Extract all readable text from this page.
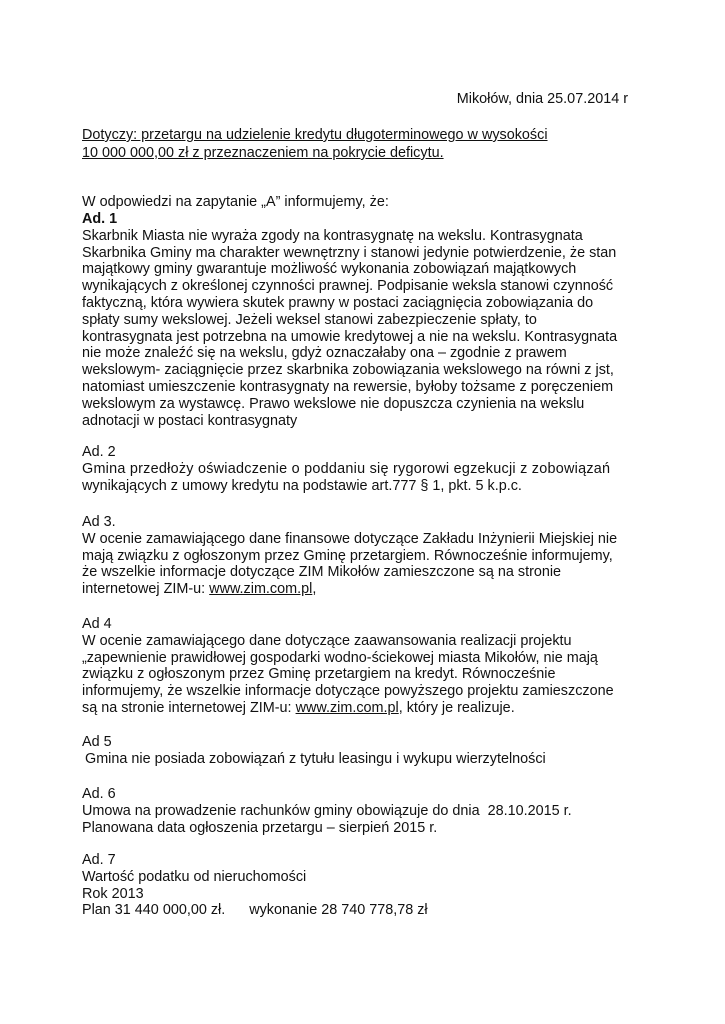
Mikołów, dnia 25.07.2014 r
Dotyczy: przetargu na udzielenie kredytu długoterminowego w wysokości
10 000 000,00 zł z przeznaczeniem na pokrycie deficytu.
W odpowiedzi na zapytanie „A” informujemy, że:
Ad. 1
Skarbnik Miasta nie wyraża zgody na kontrasygnatę na wekslu. Kontrasygnata
Skarbnika Gminy ma charakter wewnętrzny i stanowi jedynie potwierdzenie, że stan
majątkowy gminy gwarantuje możliwość wykonania zobowiązań majątkowych
wynikających z określonej czynności prawnej. Podpisanie weksla stanowi czynność
faktyczną, która wywiera skutek prawny w postaci zaciągnięcia zobowiązania do
spłaty sumy wekslowej. Jeżeli weksel stanowi zabezpieczenie spłaty, to
kontrasygnata jest potrzebna na umowie kredytowej a nie na wekslu. Kontrasygnata
nie może znaleźć się na wekslu, gdyż oznaczałaby ona – zgodnie z prawem
wekslowym- zaciągnięcie przez skarbnika zobowiązania wekslowego na równi z jst,
natomiast umieszczenie kontrasygnaty na rewersie, byłoby tożsame z poręczeniem
wekslowym za wystawcę. Prawo wekslowe nie dopuszcza czynienia na wekslu
adnotacji w postaci kontrasygnaty
Ad. 2
Gmina przedłoży oświadczenie o poddaniu się rygorowi egzekucji z zobowiązań
wynikających z umowy kredytu na podstawie art.777 § 1, pkt. 5 k.p.c.
Ad 3.
W ocenie zamawiającego dane finansowe dotyczące Zakładu Inżynierii Miejskiej nie
mają związku z ogłoszonym przez Gminę przetargiem. Równocześnie informujemy,
że wszelkie informacje dotyczące ZIM Mikołów zamieszczone są na stronie
internetowej ZIM-u: www.zim.com.pl,
Ad 4
W ocenie zamawiającego dane dotyczące zaawansowania realizacji projektu
„zapewnienie prawidłowej gospodarki wodno-ściekowej miasta Mikołów, nie mają
związku z ogłoszonym przez Gminę przetargiem na kredyt. Równocześnie
informujemy, że wszelkie informacje dotyczące powyższego projektu zamieszczone
są na stronie internetowej ZIM-u: www.zim.com.pl, który je realizuje.
Ad 5
Gmina nie posiada zobowiązań z tytułu leasingu i wykupu wierzytelności
Ad. 6
Umowa na prowadzenie rachunków gminy obowiązuje do dnia  28.10.2015 r.
Planowana data ogłoszenia przetargu – sierpień 2015 r.
Ad. 7
Wartość podatku od nieruchomości
Rok 2013
Plan 31 440 000,00 zł. wykonanie 28 740 778,78 zł
